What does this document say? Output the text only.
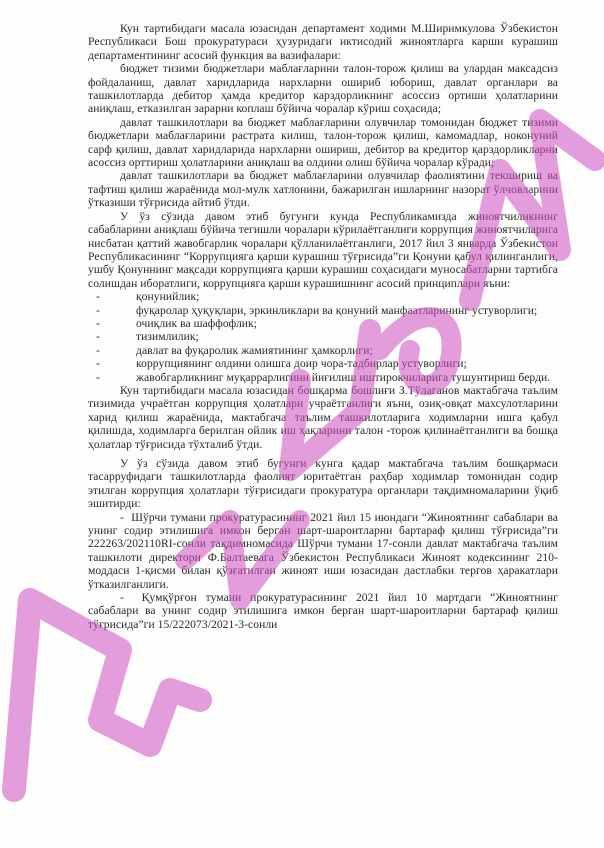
Кун тартибидаги масала юзасидан департамент ходими М.Ширимкулова Ўзбекистон Республикаси Бош прокуратураси ҳузуридаги иктисодий жиноятларга карши курашиш департаментининг асосий функция ва вазифалари:

бюджет тизими бюджетлари маблағларини талон-торож қилиш ва улардан максадсиз фойдаланиш, давлат харидларида нархларни ошириб юбориш, давлат органлари ва ташкилотларда дебитор ҳамда кредитор карздорликнинг асоссиз ортиши ҳолатларини аниқлаш, етказилган зарарни коплаш бўйича чоралар кўриш соҳасида;

давлат ташкилотлари ва бюджет маблағларини олувчилар томонидан бюджет тизими бюджетлари маблағларини растрата килиш, талон-торож қилиш, камомадлар, ноконуний сарф қилиш, давлат харидларида нархларни ошириш, дебитор ва кредитор қарздорликларни асоссиз орттириш ҳолатларини аниқлаш ва олдини олиш бўйича чоралар кўради;

давлат ташкилотлари ва бюджет маблағларини олувчилар фаолиятини текшириш ва тафтиш қилиш жараёнида мол-мулк хатлонини, бажарилган ишларнинг назорат ўлчовларини ўтказиши тўғрисида айтиб ўтди.

У ўз сўзида давом этиб бугунги кунда Республикамизда жиноятчиликнинг сабабларини аниқлаш бўйича тегишли чоралари кўрилаётганлиги коррупция жиноятчиларига нисбатан қаттий жавобгарлик чоралари қўлланилаётганлиги, 2017 йил 3 январда Ўзбекистон Республикасининг “Коррупцияга қарши курашиш тўғрисида”ги Қонуни қабул қилинганлиги, ушбу Қонуннинг мақсади коррупцияга қарши курашиш соҳасидаги муносабатларни тартибга солишдан иборатлиги, коррупцияга қарши курашишнинг асосий принциплари яъни:

-	қонунийлик;
-	фуқаролар ҳуқуқлари, эркинликлари ва қонуний манфаатларининг устуворлиги;
-	очиқлик ва шаффофлик;
-	тизимлилик;
-	давлат ва фуқаролик жамиятининг ҳамкорлиги;
-	коррупциянинг олдини олишга доир чора-тадбирлар устуворлиги;
-	жавобгарликнинг муқаррарлигини йиғилиш иштирокчиларига тушунтириш берди.

Кун тартибидаги масала юзасидан бошқарма бошлиғи З.Тўлаганов мактабгача таълим тизимида учраётган коррупция ҳолатлари учраётганлиги яъни, озиқ-овқат махсулотларини харид қилиш жараёнида, мактабгача таълим ташкилотларига ходимларни ишга қабул қилишда, ходимларга берилган ойлик иш ҳақларини талон -торож қилинаётганлиги ва бошқа ҳолатлар тўғрисида тўхталиб ўтди.

У ўз сўзида давом этиб бугунги кунга қадар мактабгача таълим бошқармаси тасарруфидаги ташкилотларда фаолият юритаётган раҳбар ходимлар томонидан содир этилган коррупция ҳолатлари тўғрисидаги прокуратура органлари тақдимномаларини ўқиб эшитирди:

-  Шўрчи тумани прокуратурасининг 2021 йил 15 июндаги “Жиноятнинг сабаблари ва унинг содир этилишига имкон берган шарт-шароитларни бартараф қилиш тўғрисида”ги 222263/202110RI-сонли тақдимномасида Шўрчи тумани 17-сонли давлат мактабгача таълим ташкилоти директори Ф.Балтаевага Ўзбекистон Республикаси Жиноят кодексининг 210-моддаси 1-қисми билан қўзғатилган жиноят иши юзасидан дастлабки тергов ҳаракатлари ўтказилганлиги.

-  Қумқўрғон тумани прокуратурасининг 2021 йил 10 мартдаги “Жиноятнинг сабаблари ва унинг содир этилишига имкон берган шарт-шароитларни бартараф қилиш тўғрисида”ги 15/222073/2021-3-сонли
